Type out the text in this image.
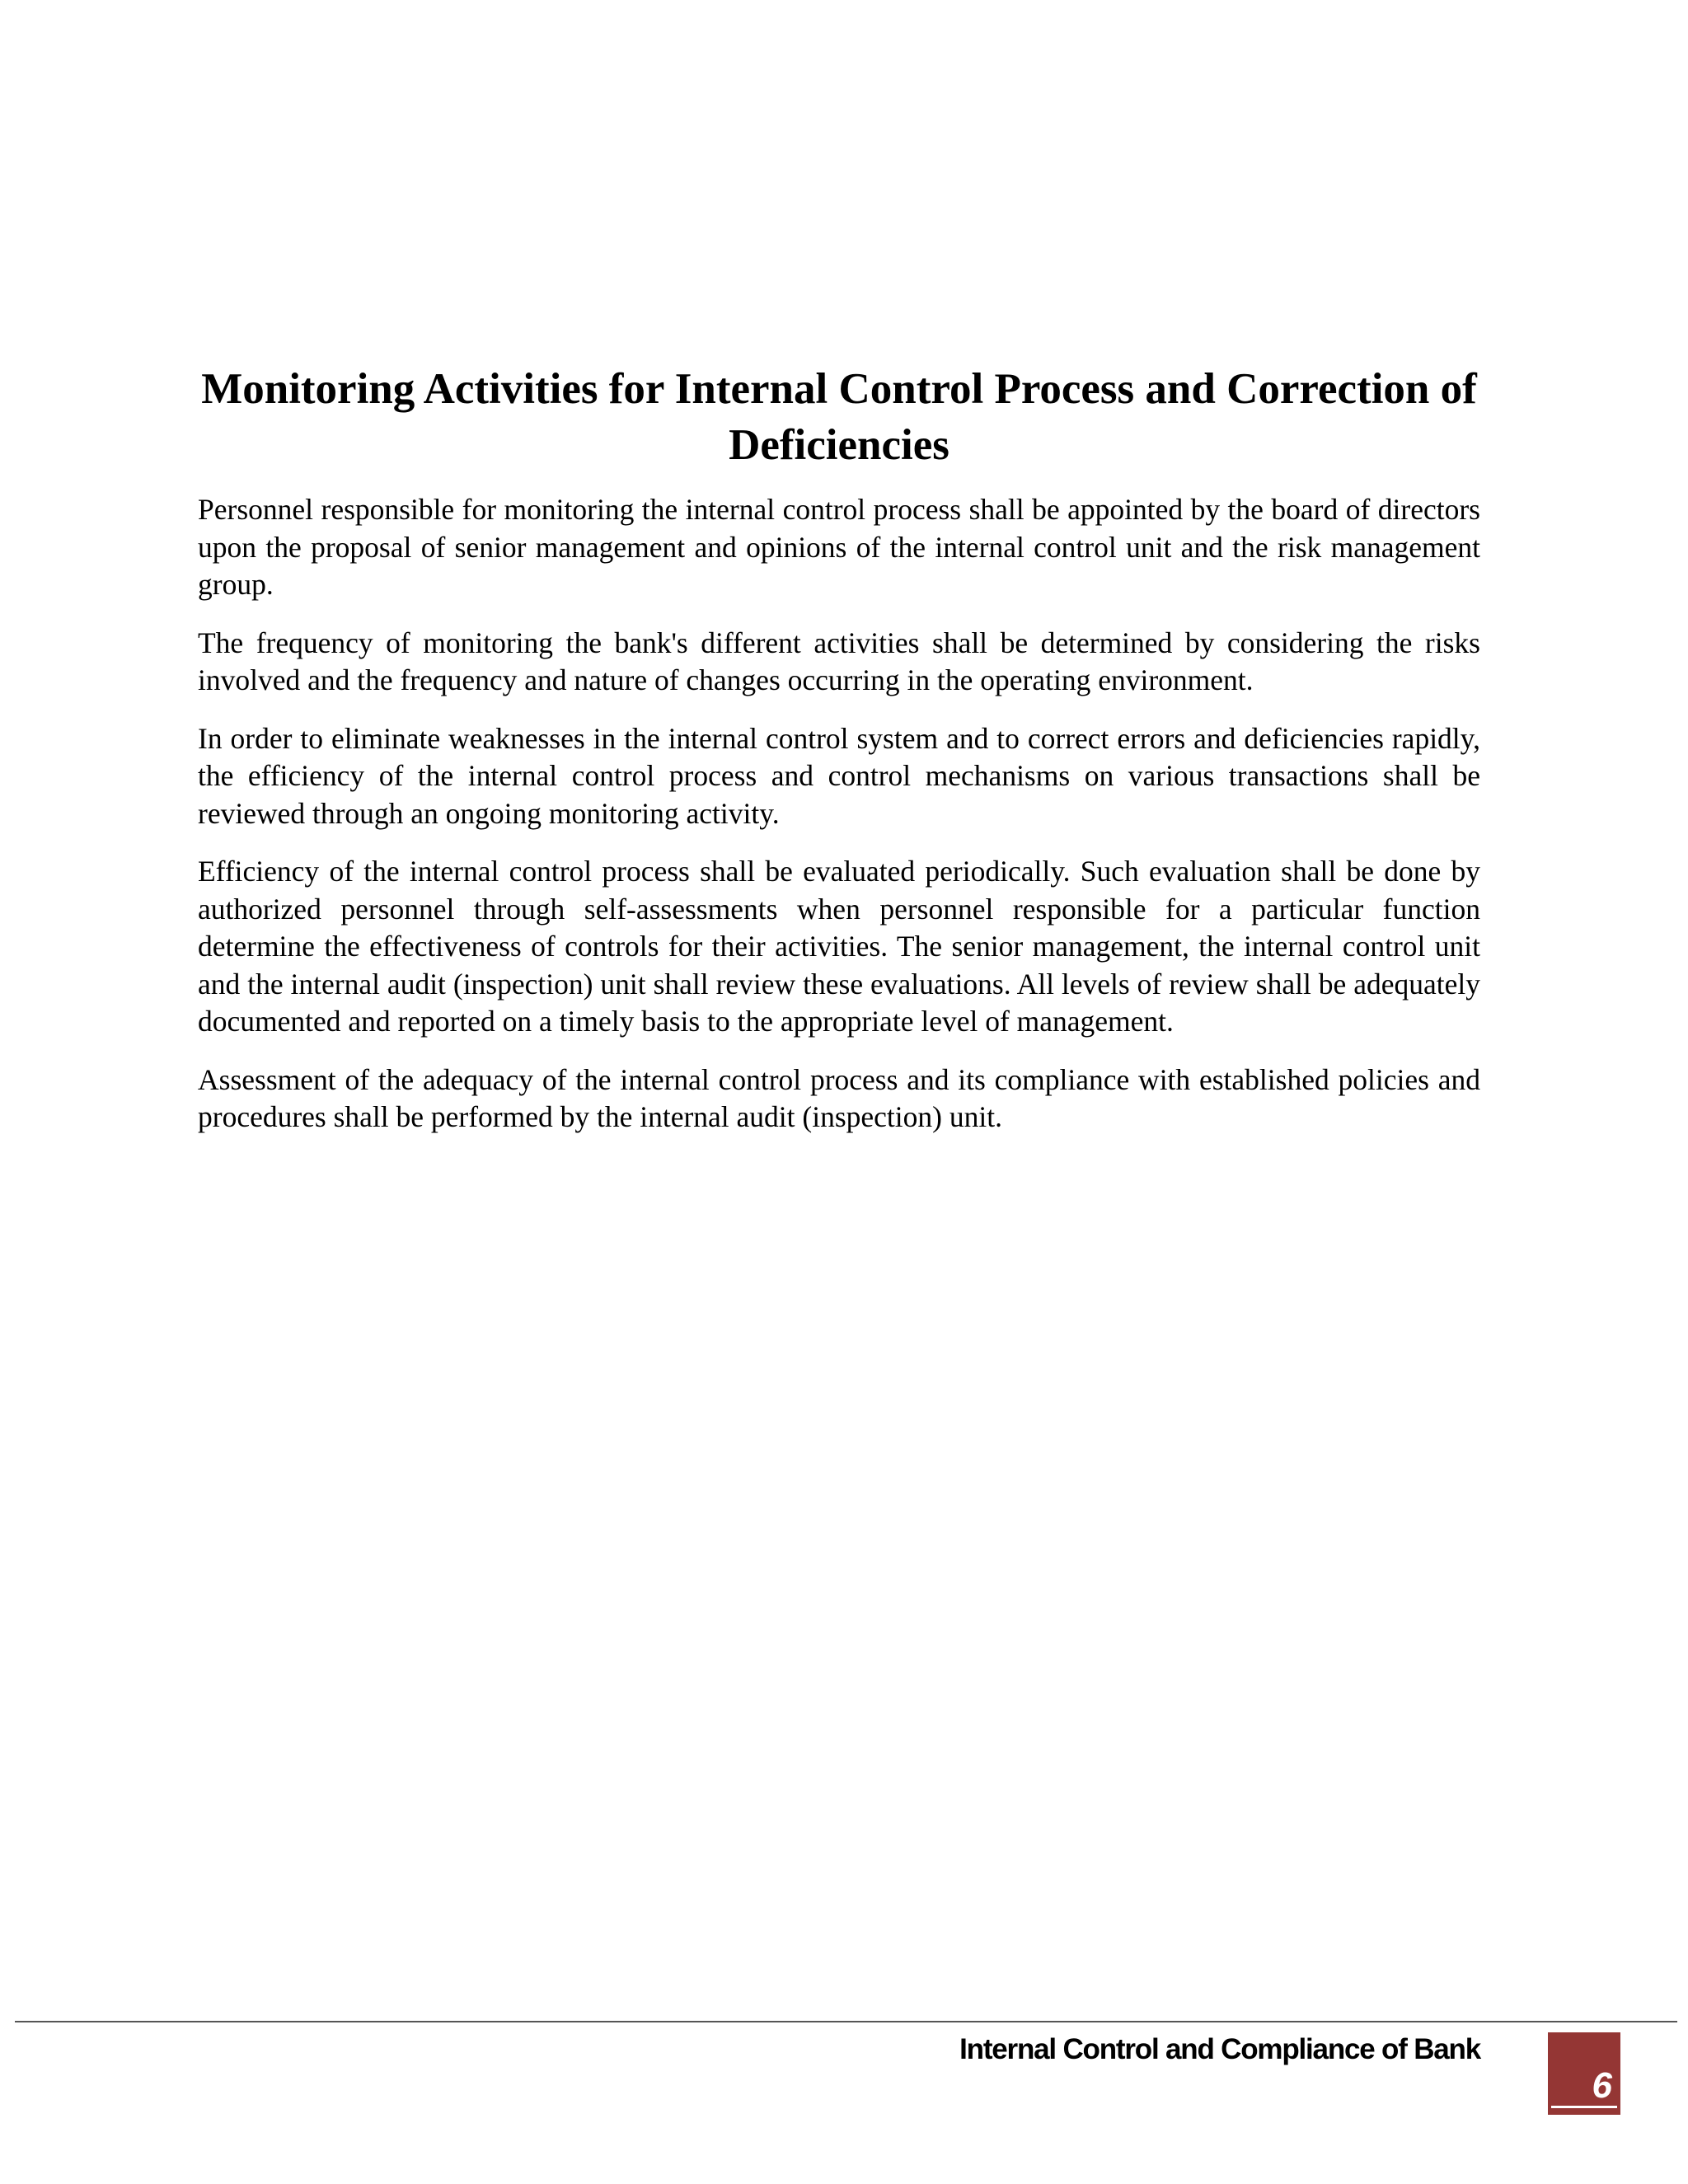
Monitoring Activities for Internal Control Process and Correction of Deficiencies

Personnel responsible for monitoring the internal control process shall be appointed by the board of directors upon the proposal of senior management and opinions of the internal control unit and the risk management group.

The frequency of monitoring the bank's different activities shall be determined by considering the risks involved and the frequency and nature of changes occurring in the operating environment.

In order to eliminate weaknesses in the internal control system and to correct errors and deficiencies rapidly, the efficiency of the internal control process and control mechanisms on various transactions shall be reviewed through an ongoing monitoring activity.

Efficiency of the internal control process shall be evaluated periodically. Such evaluation shall be done by authorized personnel through self-assessments when personnel responsible for a particular function determine the effectiveness of controls for their activities. The senior management, the internal control unit and the internal audit (inspection) unit shall review these evaluations. All levels of review shall be adequately documented and reported on a timely basis to the appropriate level of management.

Assessment of the adequacy of the internal control process and its compliance with established policies and procedures shall be performed by the internal audit (inspection) unit.

Internal Control and Compliance of Bank
6
